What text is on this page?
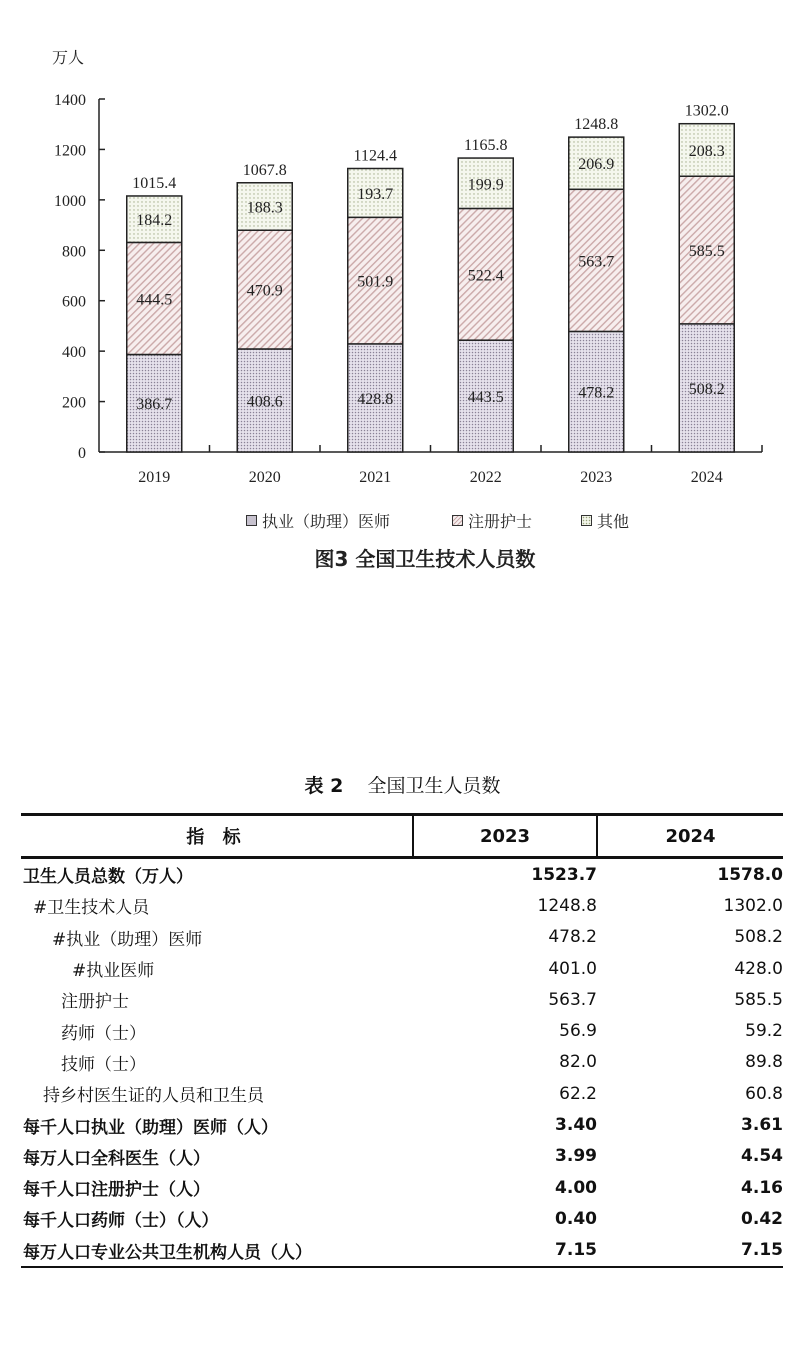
万人
0
200
400
600
800
1000
1200
1400
2019	2020	2021	2022	2023	2024
386.7
444.5
184.2
1015.4
408.6
470.9
188.3
1067.8
428.8
501.9
193.7
1124.4
443.5
522.4
199.9
1165.8
478.2
563.7
206.9
1248.8
508.2
585.5
208.3
1302.0
执业（助理）医师	注册护士	其他
图3 全国卫生技术人员数
表 2 全国卫生人员数
指 标	2023	2024
卫生人员总数（万人）	1523.7	1578.0
#卫生技术人员	1248.8	1302.0
#执业（助理）医师	478.2	508.2
#执业医师	401.0	428.0
注册护士	563.7	585.5
药师（士）	56.9	59.2
技师（士）	82.0	89.8
持乡村医生证的人员和卫生员	62.2	60.8
每千人口执业（助理）医师（人）	3.40	3.61
每万人口全科医生（人）	3.99	4.54
每千人口注册护士（人）	4.00	4.16
每千人口药师（士）（人）	0.40	0.42
每万人口专业公共卫生机构人员（人）	7.15	7.15
